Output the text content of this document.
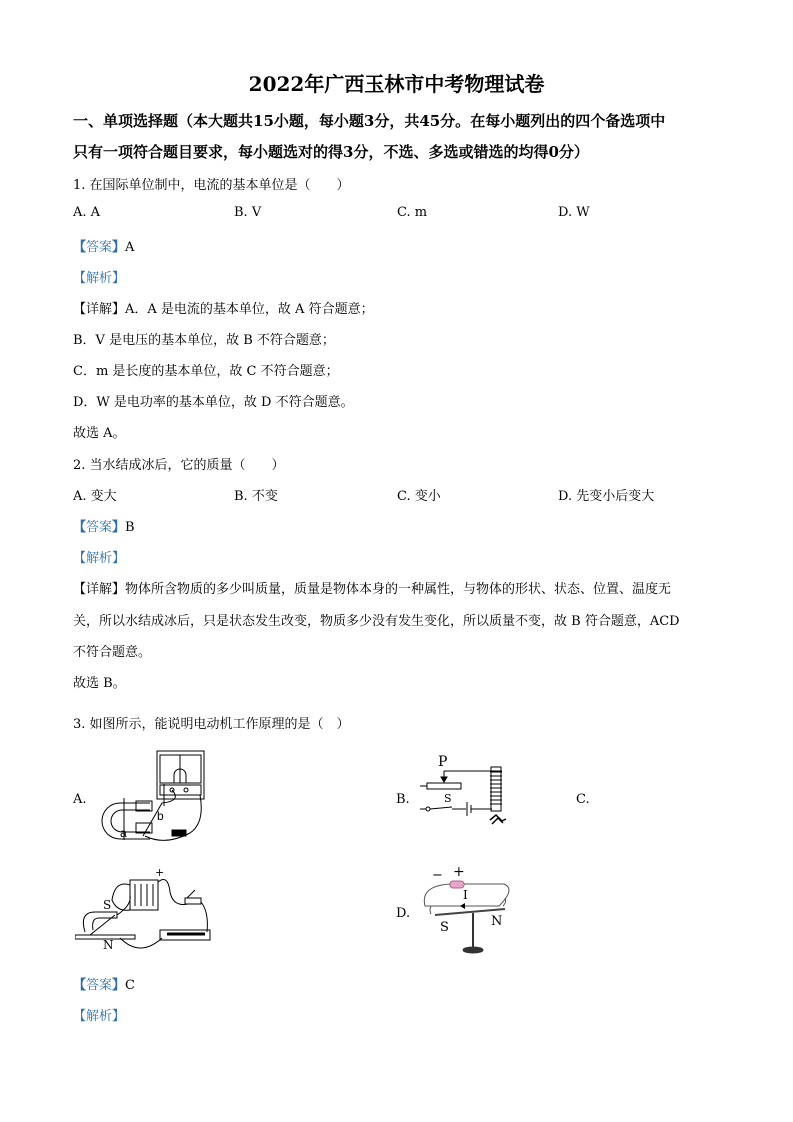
2022年广西玉林市中考物理试卷
一、单项选择题（本大题共15小题，每小题3分，共45分。在每小题列出的四个备选项中
只有一项符合题目要求，每小题选对的得3分，不选、多选或错选的均得0分）
1. 在国际单位制中，电流的基本单位是（　　）
A. A	B. V	C. m	D. W
【答案】A
【解析】
【详解】A．A 是电流的基本单位，故 A 符合题意；
B．V 是电压的基本单位，故 B 不符合题意；
C．m 是长度的基本单位，故 C 不符合题意；
D．W 是电功率的基本单位，故 D 不符合题意。
故选 A。
2. 当水结成冰后，它的质量（　　）
A. 变大	B. 不变	C. 变小	D. 先变小后变大
【答案】B
【解析】
【详解】物体所含物质的多少叫质量，质量是物体本身的一种属性，与物体的形状、状态、位置、温度无
关，所以水结成冰后，只是状态发生改变，物质多少没有发生变化，所以质量不变，故 B 符合题意，ACD
不符合题意。
故选 B。
3. 如图所示，能说明电动机工作原理的是（　）
A.	B.	C.
D.
a
b
P
S
S
N
+	− +
I
S	N
【答案】C
【解析】
